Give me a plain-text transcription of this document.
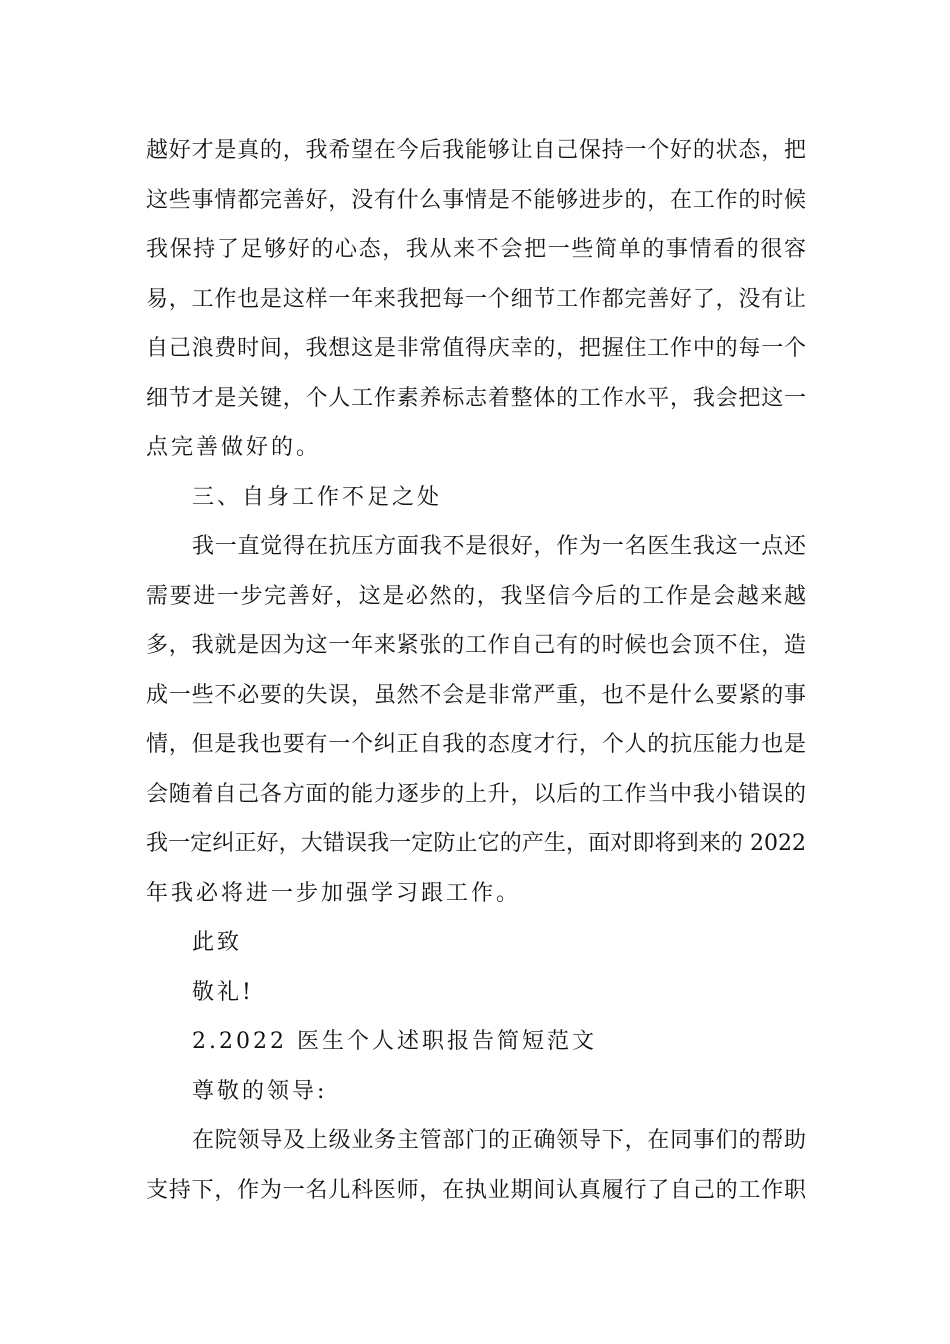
越好才是真的，我希望在今后我能够让自己保持一个好的状态，把

这些事情都完善好，没有什么事情是不能够进步的，在工作的时候

我保持了足够好的心态，我从来不会把一些简单的事情看的很容

易，工作也是这样一年来我把每一个细节工作都完善好了，没有让

自己浪费时间，我想这是非常值得庆幸的，把握住工作中的每一个

细节才是关键，个人工作素养标志着整体的工作水平，我会把这一

点完善做好的。

三、自身工作不足之处

我一直觉得在抗压方面我不是很好，作为一名医生我这一点还

需要进一步完善好，这是必然的，我坚信今后的工作是会越来越

多，我就是因为这一年来紧张的工作自己有的时候也会顶不住，造

成一些不必要的失误，虽然不会是非常严重，也不是什么要紧的事

情，但是我也要有一个纠正自我的态度才行，个人的抗压能力也是

会随着自己各方面的能力逐步的上升，以后的工作当中我小错误的

我一定纠正好，大错误我一定防止它的产生，面对即将到来的 2022

年我必将进一步加强学习跟工作。

此致

敬礼!

2.2022 医生个人述职报告简短范文

尊敬的领导:

在院领导及上级业务主管部门的正确领导下，在同事们的帮助

支持下，作为一名儿科医师，在执业期间认真履行了自己的工作职
